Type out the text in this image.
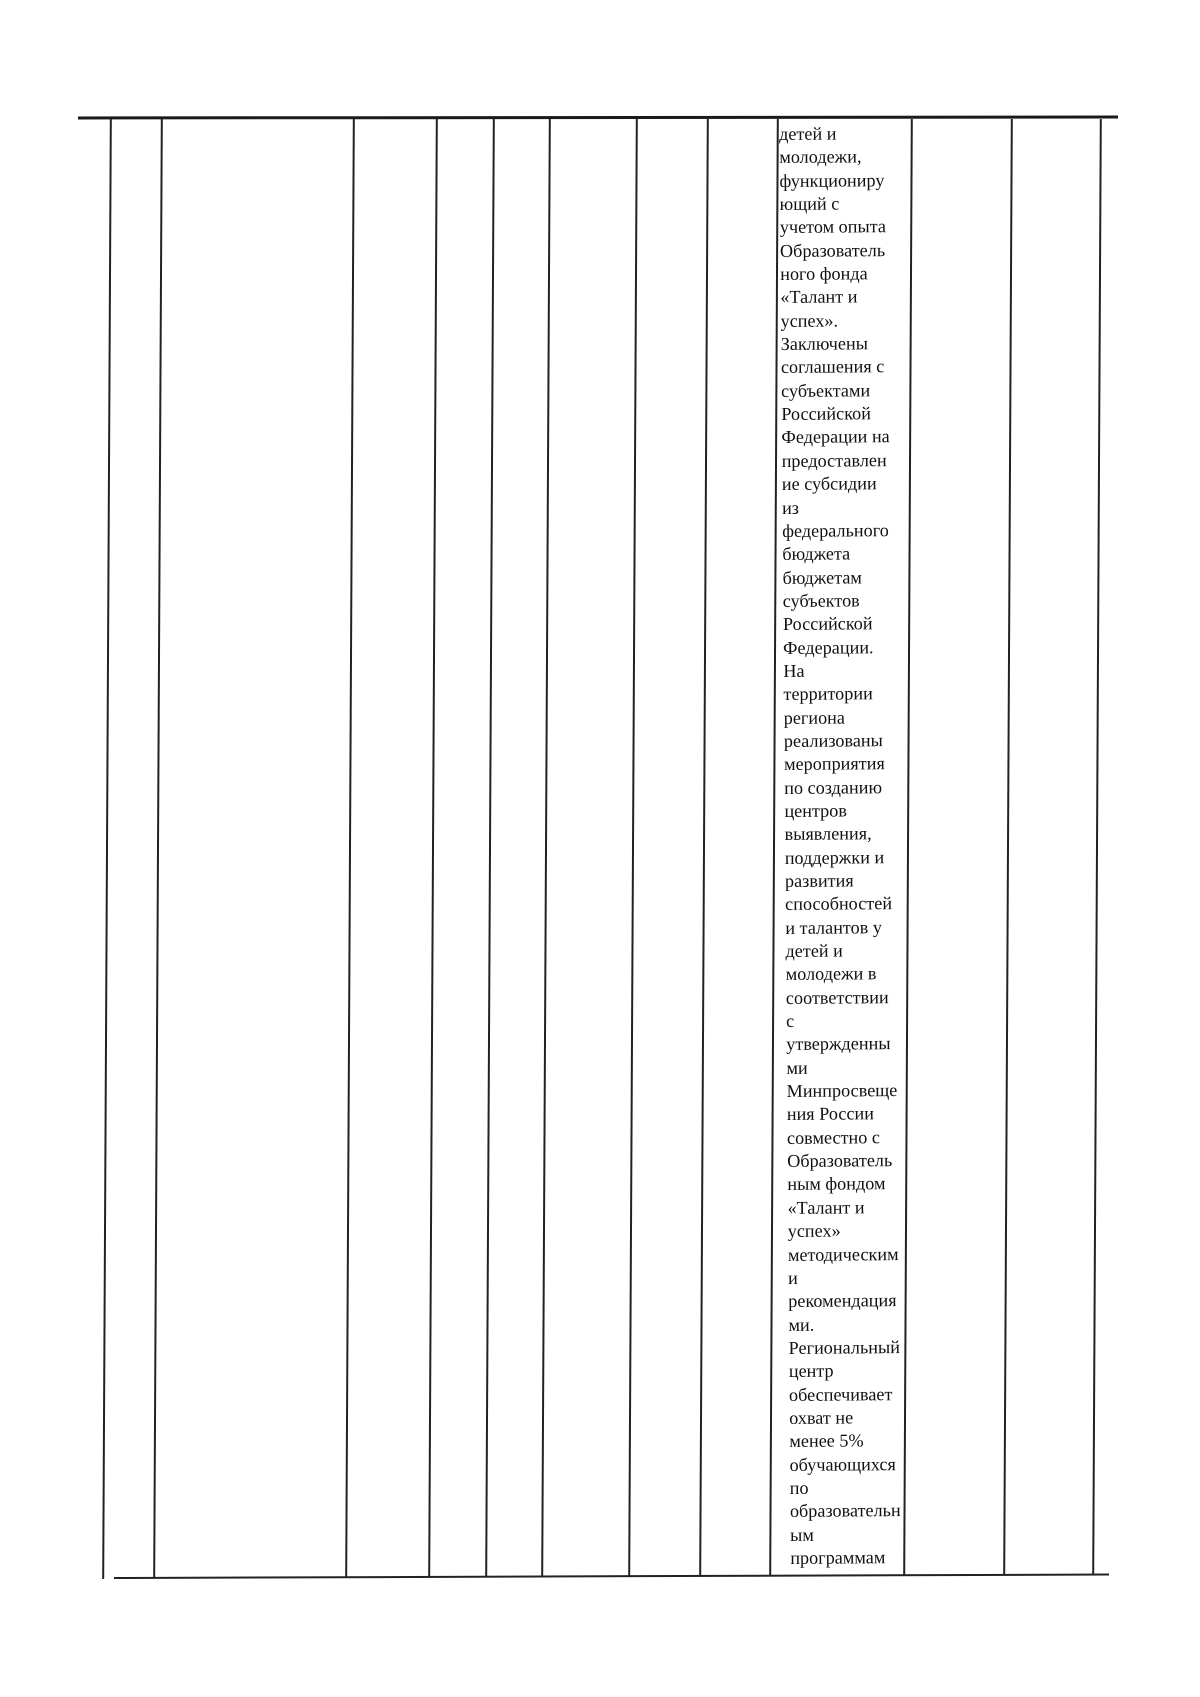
детей и
молодежи,
функциониру
ющий с
учетом опыта
Образователь
ного фонда
«Талант и
успех».
Заключены
соглашения с
субъектами
Российской
Федерации на
предоставлен
ие субсидии
из
федерального
бюджета
бюджетам
субъектов
Российской
Федерации.
На
территории
региона
реализованы
мероприятия
по созданию
центров
выявления,
поддержки и
развития
способностей
и талантов у
детей и
молодежи в
соответствии
с
утвержденны
ми
Минпросвеще
ния России
совместно с
Образователь
ным фондом
«Талант и
успех»
методическим
и
рекомендация
ми.
Региональный
центр
обеспечивает
охват не
менее 5%
обучающихся
по
образовательн
ым
программам
